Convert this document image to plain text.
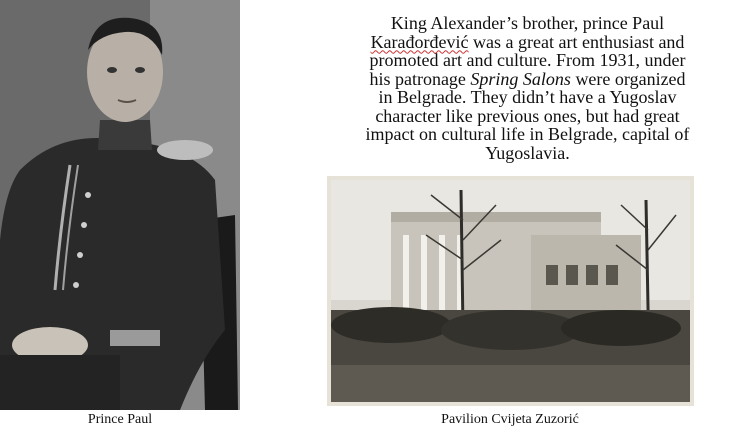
Prince Paul
King Alexander’s brother, prince Paul
Karađorđević was a great art enthusiast and
promoted art and culture. From 1931, under
his patronage Spring Salons were organized
in Belgrade. They didn’t have a Yugoslav
character like previous ones, but had great
impact on cultural life in Belgrade, capital of
Yugoslavia.
Pavilion Cvijeta Zuzorić
